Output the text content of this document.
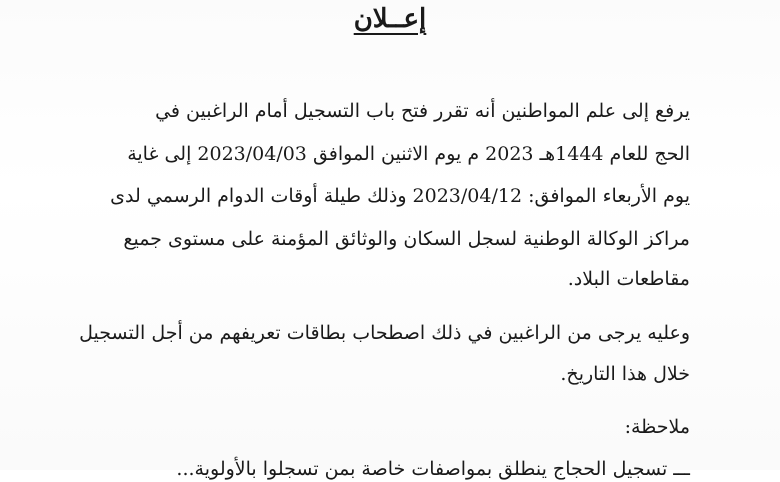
إعــلان
يرفع إلى علم المواطنين أنه تقرر فتح باب التسجيل أمام الراغبين في
الحج للعام 1444هـ 2023 م يوم الاثنين الموافق 2023/04/03 إلى غاية
يوم الأربعاء الموافق: 2023/04/12 وذلك طيلة أوقات الدوام الرسمي لدى
مراكز الوكالة الوطنية لسجل السكان والوثائق المؤمنة على مستوى جميع
مقاطعات البلاد.
وعليه يرجى من الراغبين في ذلك اصطحاب بطاقات تعريفهم من أجل التسجيل
خلال هذا التاريخ.
ملاحظة:
ـــ تسجيل الحجاج ينطلق بمواصفات خاصة بمن تسجلوا بالأولوية...
